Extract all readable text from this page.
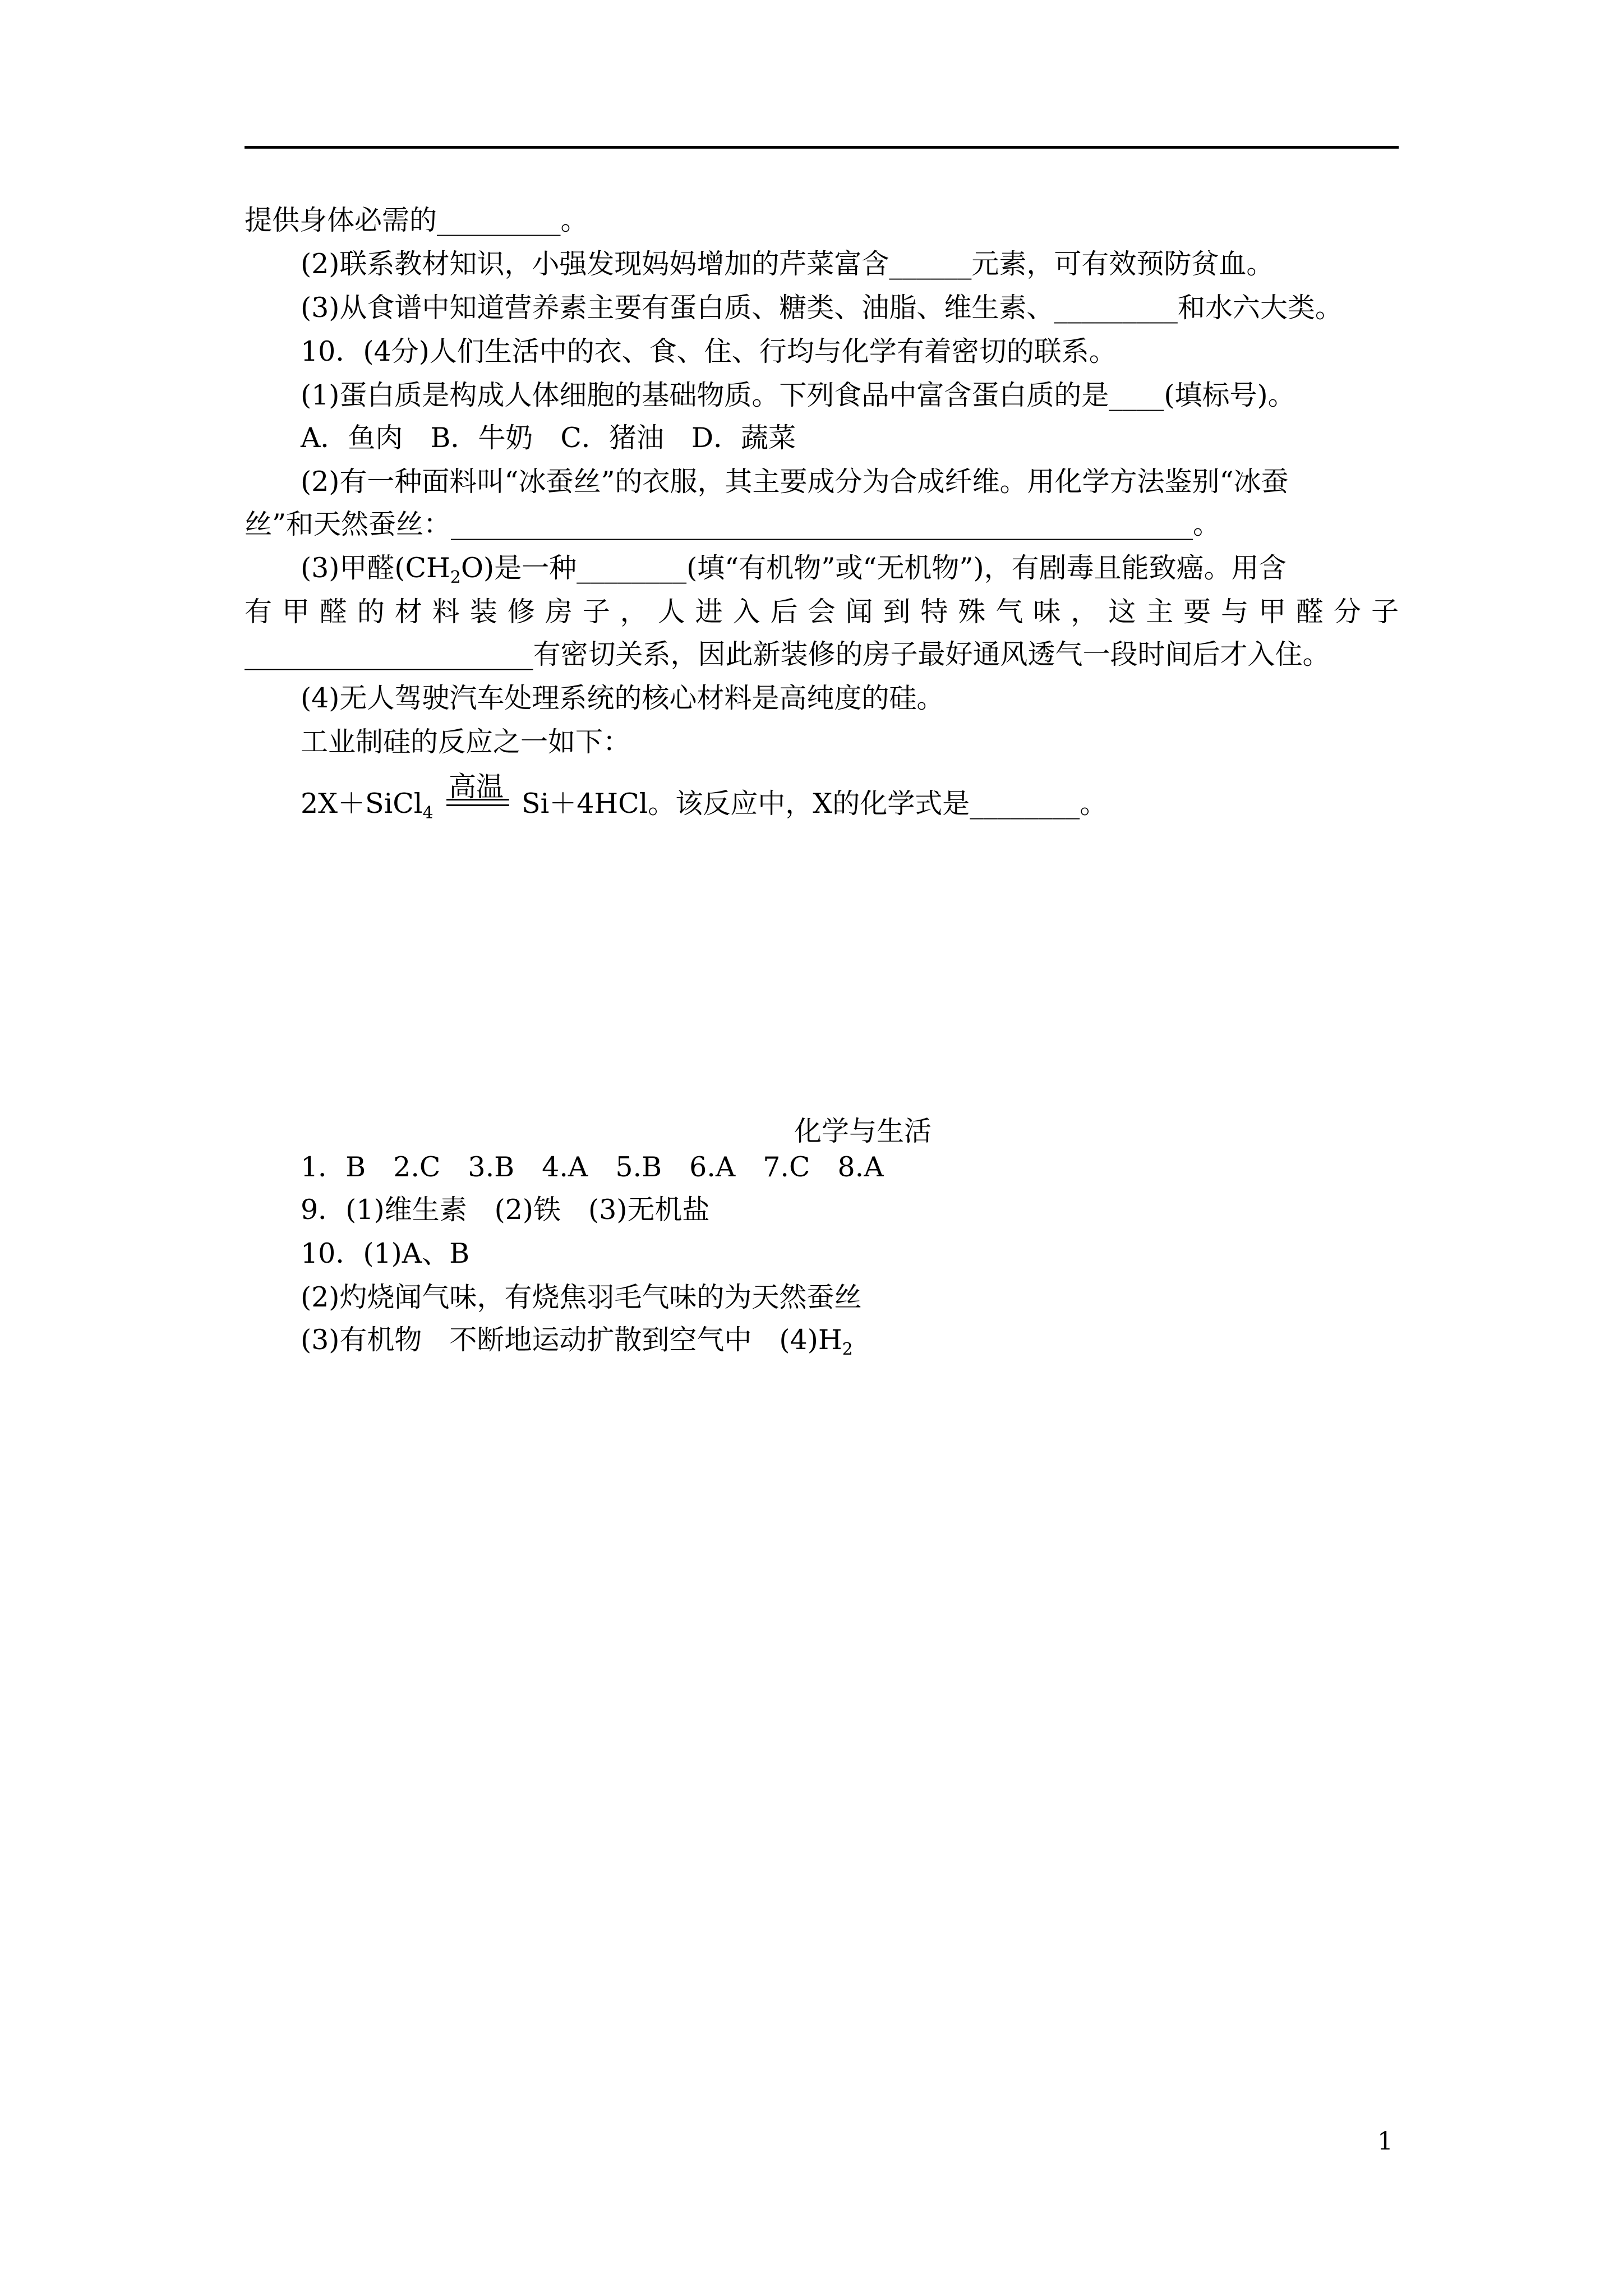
提供身体必需的_________。
(2)联系教材知识，小强发现妈妈增加的芹菜富含______元素，可有效预防贫血。
(3)从食谱中知道营养素主要有蛋白质、糖类、油脂、维生素、_________和水六大类。
10．(4分)人们生活中的衣、食、住、行均与化学有着密切的联系。
(1)蛋白质是构成人体细胞的基础物质。下列食品中富含蛋白质的是____(填标号)。
A．鱼肉　B．牛奶　C．猪油　D．蔬菜
(2)有一种面料叫“冰蚕丝”的衣服，其主要成分为合成纤维。用化学方法鉴别“冰蚕
丝”和天然蚕丝：______________________________________________________。
(3)甲醛$(CH_2O)$是一种________(填“有机物”或“无机物”)，有剧毒且能致癌。用含
有甲醛的材料装修房子，人进入后会闻到特殊气味，这主要与甲醛分子
_____________________有密切关系，因此新装修的房子最好通风透气一段时间后才入住。
(4)无人驾驶汽车处理系统的核心材料是高纯度的硅。
工业制硅的反应之一如下：
2X＋SiCl$_4$
高温
Si＋4HCl。该反应中，X的化学式是________。
化学与生活
1．B　2.C　3.B　4.A　5.B　6.A　7.C　8.A
9．(1)维生素　(2)铁　(3)无机盐
10．(1)A、B
(2)灼烧闻气味，有烧焦羽毛气味的为天然蚕丝
(3)有机物　不断地运动扩散到空气中　$(4)H_2$
1
